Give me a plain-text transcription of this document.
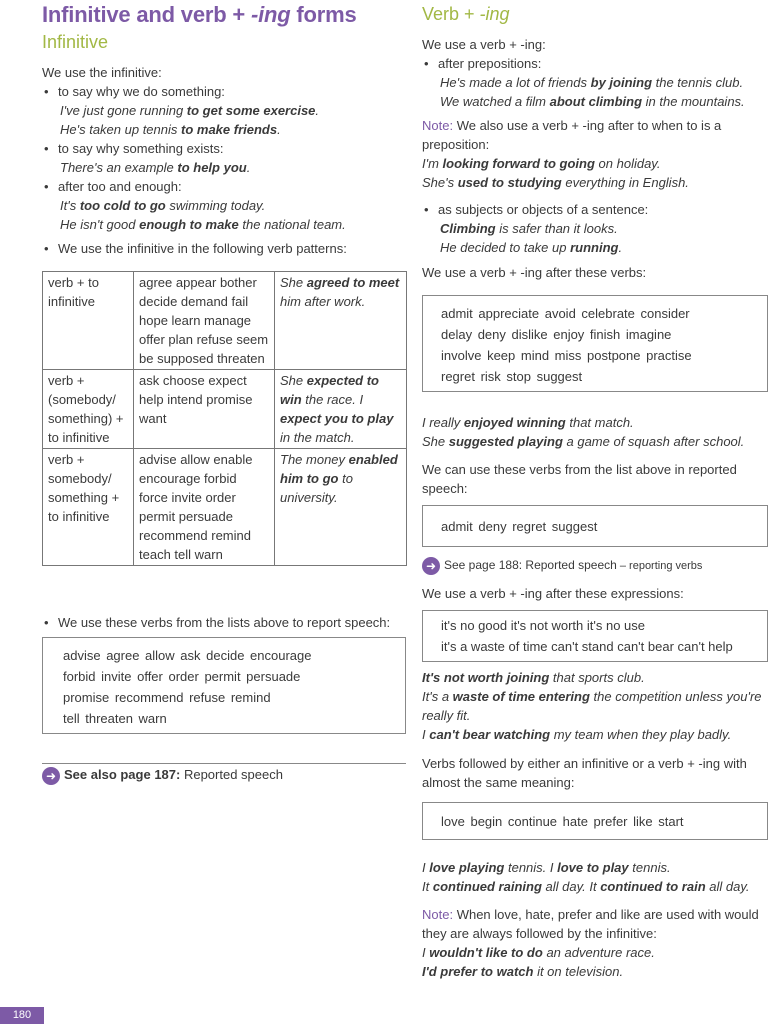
Infinitive and verb + -ing forms
Infinitive
We use the infinitive:
• to say why we do something:
I've just gone running to get some exercise.
He's taken up tennis to make friends.
• to say why something exists:
There's an example to help you.
• after too and enough:
It's too cold to go swimming today.
He isn't good enough to make the national team.
• We use the infinitive in the following verb patterns:
verb + to infinitive	agree appear bother decide demand fail hope learn manage offer plan refuse seem be supposed threaten	She agreed to meet him after work.
verb + (somebody/ something) + to infinitive	ask choose expect help intend promise want	She expected to win the race. I expect you to play in the match.
verb + somebody/ something + to infinitive	advise allow enable encourage forbid force invite order permit persuade recommend remind teach tell warn	The money enabled him to go to university.
• We use these verbs from the lists above to report speech:
advise agree allow ask decide encourage
forbid invite offer order permit persuade
promise recommend refuse remind
tell threaten warn
➜ See also page 187: Reported speech
Verb + -ing
We use a verb + -ing:
• after prepositions:
He's made a lot of friends by joining the tennis club.
We watched a film about climbing in the mountains.
Note: We also use a verb + -ing after to when to is a
preposition:
I'm looking forward to going on holiday.
She's used to studying everything in English.
• as subjects or objects of a sentence:
Climbing is safer than it looks.
He decided to take up running.
We use a verb + -ing after these verbs:
admit appreciate avoid celebrate consider
delay deny dislike enjoy finish imagine
involve keep mind miss postpone practise
regret risk stop suggest
I really enjoyed winning that match.
She suggested playing a game of squash after school.
We can use these verbs from the list above in reported
speech:
admit deny regret suggest
➜ See page 188: Reported speech – reporting verbs
We use a verb + -ing after these expressions:
it's no good it's not worth it's no use
it's a waste of time can't stand can't bear can't help
It's not worth joining that sports club.
It's a waste of time entering the competition unless you're
really fit.
I can't bear watching my team when they play badly.
Verbs followed by either an infinitive or a verb + -ing with
almost the same meaning:
love begin continue hate prefer like start
I love playing tennis. I love to play tennis.
It continued raining all day. It continued to rain all day.
Note: When love, hate, prefer and like are used with would
they are always followed by the infinitive:
I wouldn't like to do an adventure race.
I'd prefer to watch it on television.
180
